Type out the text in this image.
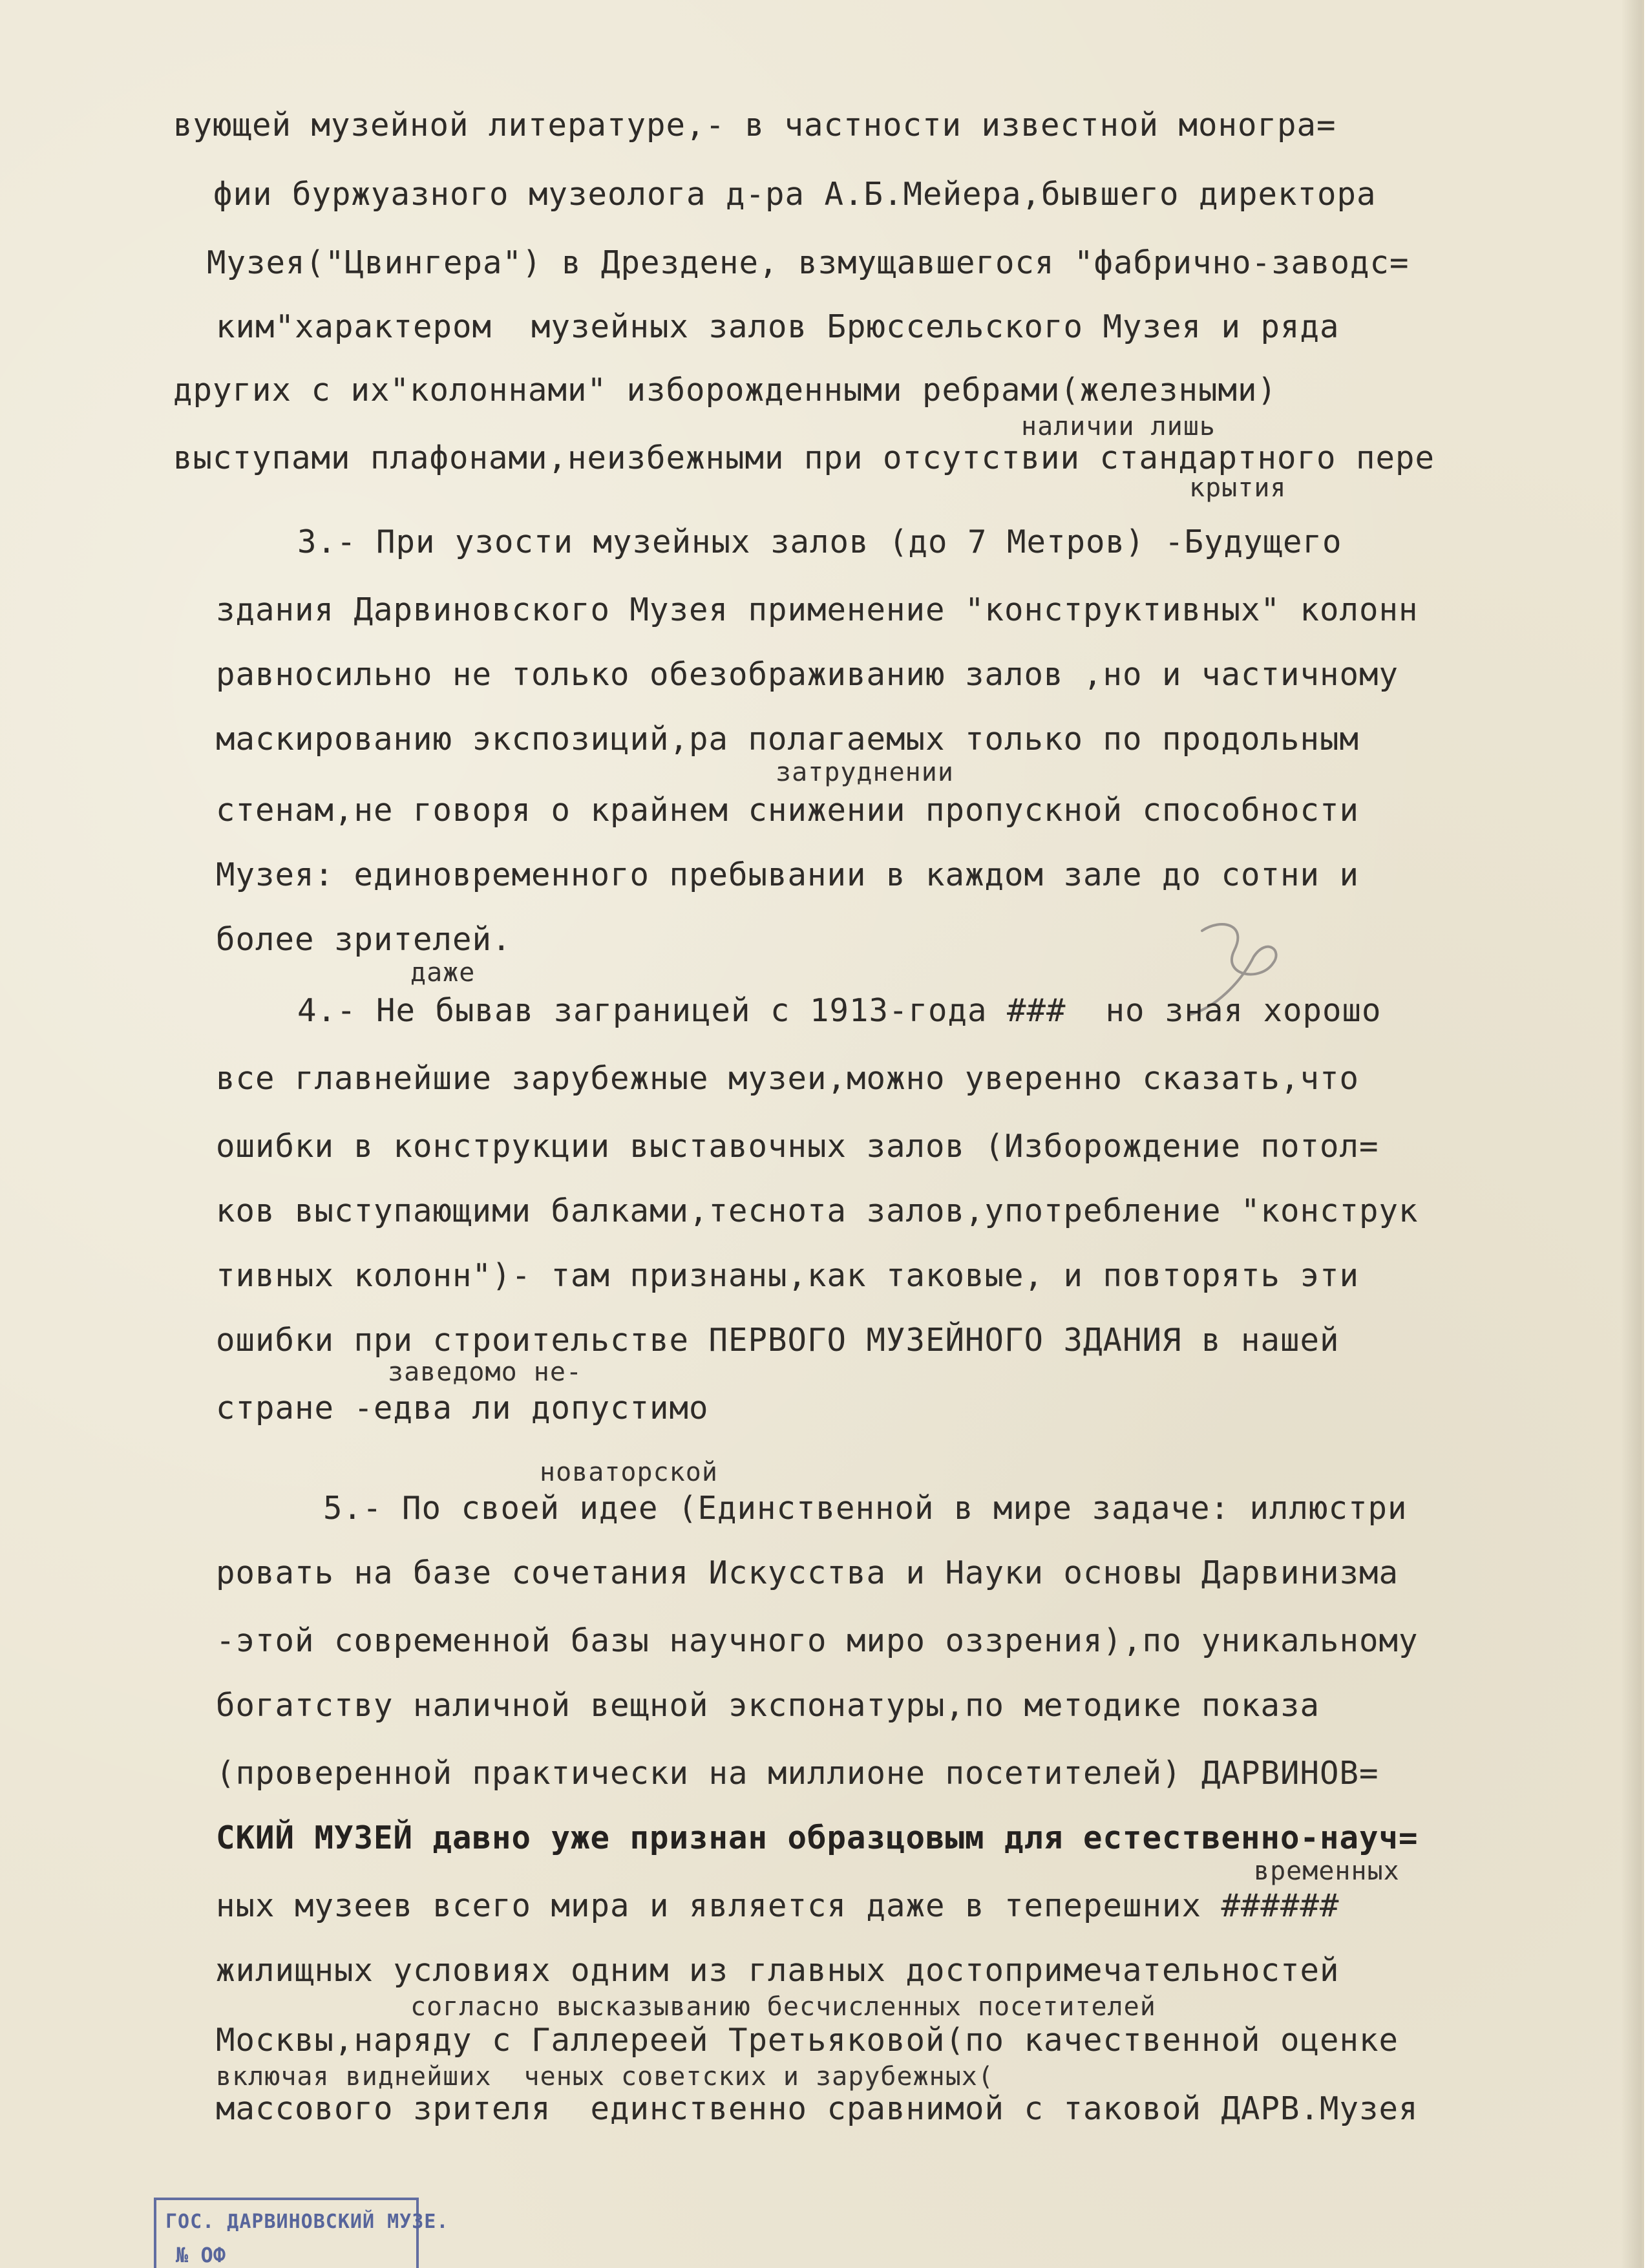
вующей музейной литературе,- в частности известной моногра=

фии буржуазного музеолога д-ра А.Б.Мейера,бывшего директора

Музея("Цвингера") в Дрездене, взмущавшегося "фабрично-заводс=

ким"характером  музейных залов Брюссельского Музея и ряда

других с их"колоннами" изборожденными ребрами(железными)

наличии лишь

выступами плафонами,неизбежными при отсутствии стандартного пере

крытия

3.- При узости музейных залов (до 7 Метров) -Будущего

здания Дарвиновского Музея применение "конструктивных" колонн

равносильно не только обезображиванию залов ,но и частичному

маскированию экспозиций,ра полагаемых только по продольным

затруднении

стенам,не говоря о крайнем снижении пропускной способности

Музея: единовременного пребывании в каждом зале до сотни и

более зрителей.

даже

4.- Не бывав заграницей с 1913-года ###  но зная хорошо

все главнейшие зарубежные музеи,можно уверенно сказать,что

ошибки в конструкции выставочных залов (Изборождение потол=

ков выступающими балками,теснота залов,употребление "конструк

тивных колонн")- там признаны,как таковые, и повторять эти

ошибки при строительстве ПЕРВОГО МУЗЕЙНОГО ЗДАНИЯ в нашей

заведомо не-

стране -едва ли допустимо

новаторской

5.- По своей идее (Единственной в мире задаче: иллюстри

ровать на базе сочетания Искусства и Науки основы Дарвинизма

-этой современной базы научного миро оззрения),по уникальному

богатству наличной вещной экспонатуры,по методике показа

(проверенной практически на миллионе посетителей) ДАРВИНОВ=

СКИЙ МУЗЕЙ давно уже признан образцовым для естественно-науч=

временных

ных музеев всего мира и является даже в теперешних ######

жилищных условиях одним из главных достопримечательностей

согласно высказыванию бесчисленных посетителей

Москвы,наряду с Галлереей Третьяковой(по качественной оценке

включая виднейших  ченых советских и зарубежных(

массового зрителя  единственно сравнимой с таковой ДАРВ.Музея

ГОС. ДАРВИНОВСКИЙ МУЗЕ.

№ ОФ
